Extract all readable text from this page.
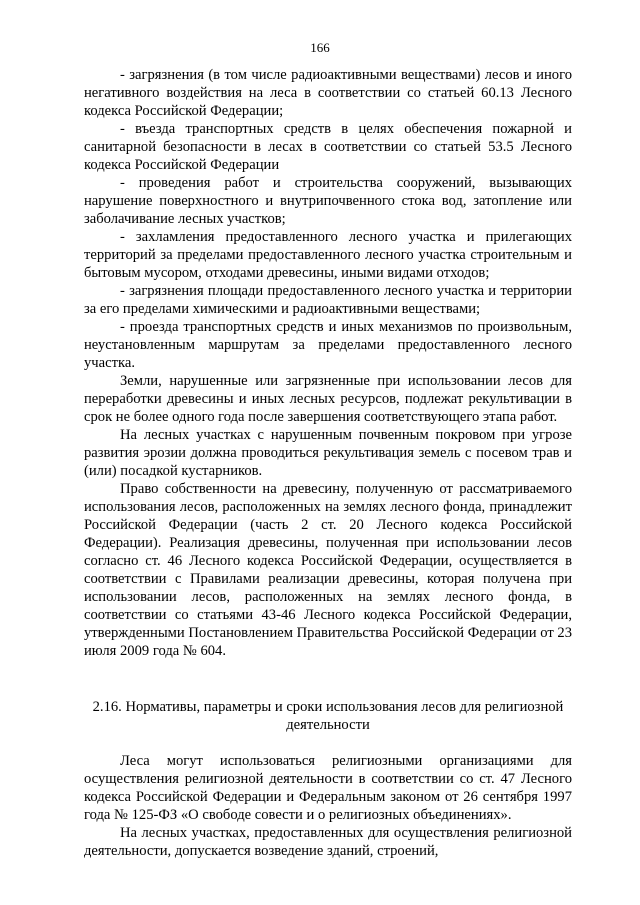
166

- загрязнения (в том числе радиоактивными веществами) лесов и иного негативного воздействия на леса в соответствии со статьей 60.13 Лесного кодекса Российской Федерации;

- въезда транспортных средств в целях обеспечения пожарной и санитарной безопасности в лесах в соответствии со статьей 53.5 Лесного кодекса Российской Федерации

- проведения работ и строительства сооружений, вызывающих нарушение поверхностного и внутрипочвенного стока вод, затопление или заболачивание лесных участков;

- захламления предоставленного лесного участка и прилегающих территорий за пределами предоставленного лесного участка строительным и бытовым мусором, отходами древесины, иными видами отходов;

- загрязнения площади предоставленного лесного участка и территории за его пределами химическими и радиоактивными веществами;

- проезда транспортных средств и иных механизмов по произвольным, неустановленным маршрутам за пределами предоставленного лесного участка.

Земли, нарушенные или загрязненные при использовании лесов для переработки древесины и иных лесных ресурсов, подлежат рекультивации в срок не более одного года после завершения соответствующего этапа работ.

На лесных участках с нарушенным почвенным покровом при угрозе развития эрозии должна проводиться рекультивация земель с посевом трав и (или) посадкой кустарников.

Право собственности на древесину, полученную от рассматриваемого использования лесов, расположенных на землях лесного фонда, принадлежит Российской Федерации (часть 2 ст. 20 Лесного кодекса Российской Федерации). Реализация древесины, полученная при использовании лесов согласно ст. 46 Лесного кодекса Российской Федерации, осуществляется в соответствии с Правилами реализации древесины, которая получена при использовании лесов, расположенных на землях лесного фонда, в соответствии со статьями 43-46 Лесного кодекса Российской Федерации, утвержденными Постановлением Правительства Российской Федерации от 23 июля 2009 года № 604.

2.16. Нормативы, параметры и сроки использования лесов для религиозной деятельности

Леса могут использоваться религиозными организациями для осуществления религиозной деятельности в соответствии со ст. 47 Лесного кодекса Российской Федерации и Федеральным законом от 26 сентября 1997 года № 125-ФЗ «О свободе совести и о религиозных объединениях».

На лесных участках, предоставленных для осуществления религиозной деятельности, допускается возведение зданий, строений,
